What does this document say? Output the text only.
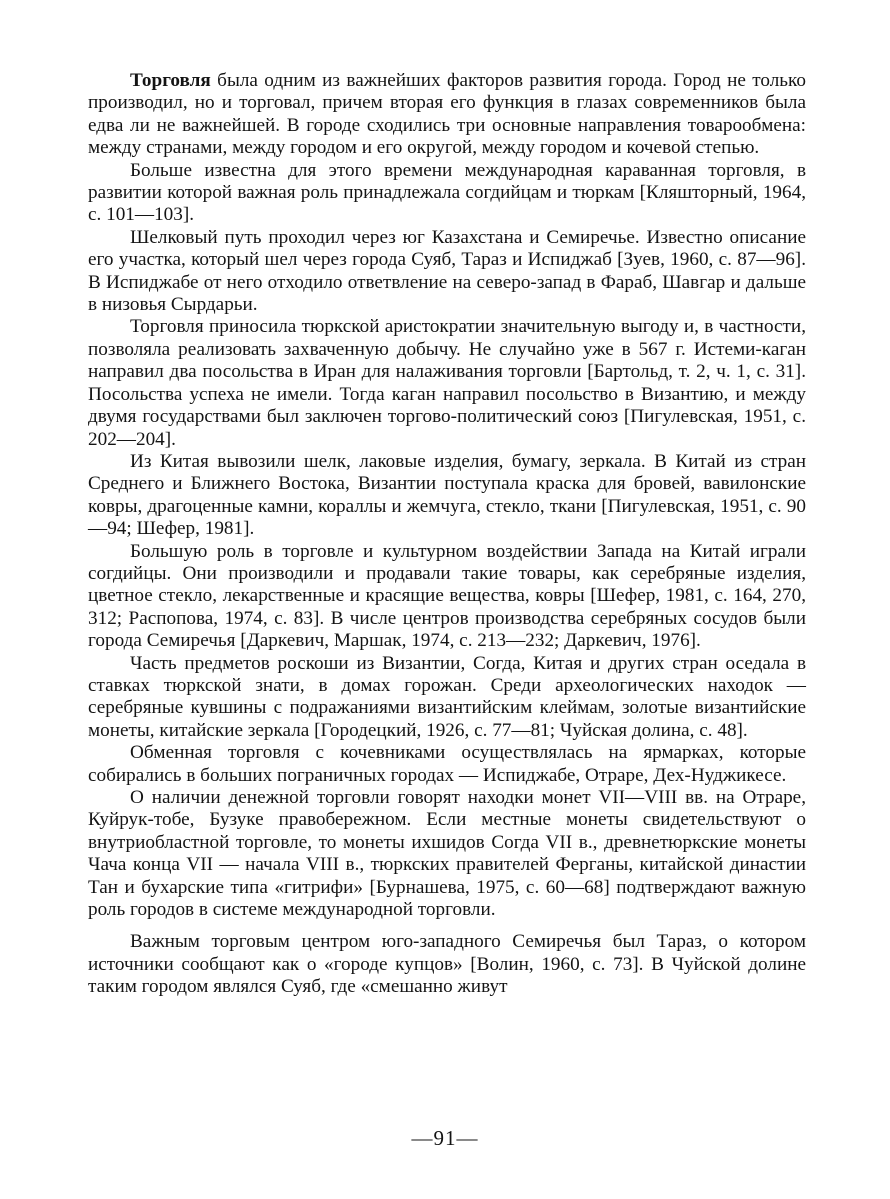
Торговля была одним из важнейших факторов развития города. Город не только производил, но и торговал, причем вторая его функция в глазах современников была едва ли не важнейшей. В городе сходились три основные направления товарообмена: между странами, между городом и его округой, между городом и кочевой степью.

Больше известна для этого времени международная караванная торговля, в развитии которой важная роль принадлежала согдийцам и тюркам [Кляшторный, 1964, с. 101—103].

Шелковый путь проходил через юг Казахстана и Семиречье. Известно описание его участка, который шел через города Суяб, Тараз и Испиджаб [Зуев, 1960, с. 87—96]. В Испиджабе от него отходило ответвление на северо-запад в Фараб, Шавгар и дальше в низовья Сырдарьи.

Торговля приносила тюркской аристократии значительную выгоду и, в частности, позволяла реализовать захваченную добычу. Не случайно уже в 567 г. Истеми-каган направил два посольства в Иран для налаживания торговли [Бартольд, т. 2, ч. 1, с. 31]. Посольства успеха не имели. Тогда каган направил посольство в Византию, и между двумя государствами был заключен торгово-политический союз [Пигулевская, 1951, с. 202—204].

Из Китая вывозили шелк, лаковые изделия, бумагу, зеркала. В Китай из стран Среднего и Ближнего Востока, Византии поступала краска для бровей, вавилонские ковры, драгоценные камни, кораллы и жемчуга, стекло, ткани [Пигулевская, 1951, с. 90—94; Шефер, 1981].

Большую роль в торговле и культурном воздействии Запада на Китай играли согдийцы. Они производили и продавали такие товары, как серебряные изделия, цветное стекло, лекарственные и красящие вещества, ковры [Шефер, 1981, с. 164, 270, 312; Распопова, 1974, с. 83]. В числе центров производства серебряных сосудов были города Семиречья [Даркевич, Маршак, 1974, с. 213—232; Даркевич, 1976].

Часть предметов роскоши из Византии, Согда, Китая и других стран оседала в ставках тюркской знати, в домах горожан. Среди археологических находок — серебряные кувшины с подражаниями византийским клеймам, золотые византийские монеты, китайские зеркала [Городецкий, 1926, с. 77—81; Чуйская долина, с. 48].

Обменная торговля с кочевниками осуществлялась на ярмарках, которые собирались в больших пограничных городах — Испиджабе, Отраре, Дех-Нуджикесе.

О наличии денежной торговли говорят находки монет VII—VIII вв. на Отраре, Куйрук-тобе, Бузуке правобережном. Если местные монеты свидетельствуют о внутриобластной торговле, то монеты ихшидов Согда VII в., древнетюркские монеты Чача конца VII — начала VIII в., тюркских правителей Ферганы, китайской династии Тан и бухарские типа «гитрифи» [Бурнашева, 1975, с. 60—68] подтверждают важную роль городов в системе международной торговли.

Важным торговым центром юго-западного Семиречья был Тараз, о котором источники сообщают как о «городе купцов» [Волин, 1960, с. 73]. В Чуйской долине таким городом являлся Суяб, где «смешанно живут

—91—
